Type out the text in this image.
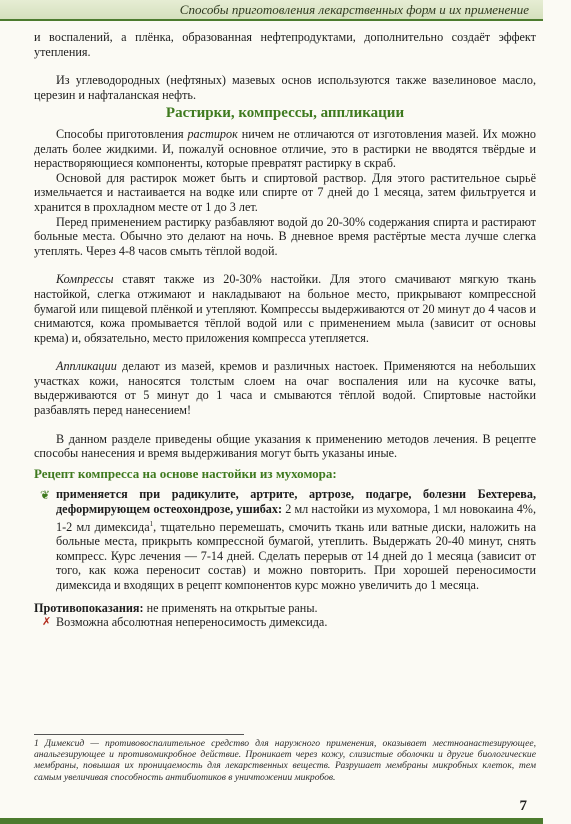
Способы приготовления лекарственных форм и их применение

и воспалений, а плёнка, образованная нефтепродуктами, дополнительно создаёт эффект утепления.

Из углеводородных (нефтяных) мазевых основ используются также вазелиновое масло, церезин и нафталанская нефть.

Растирки, компрессы, аппликации

Способы приготовления растирок ничем не отличаются от изготовления мазей. Их можно делать более жидкими. И, пожалуй основное отличие, это в растирки не вводятся твёрдые и нерастворяющиеся компоненты, которые превратят растирку в скраб.

Основой для растирок может быть и спиртовой раствор. Для этого растительное сырьё измельчается и настаивается на водке или спирте от 7 дней до 1 месяца, затем фильтруется и хранится в прохладном месте от 1 до 3 лет.

Перед применением растирку разбавляют водой до 20-30% содержания спирта и растирают больные места. Обычно это делают на ночь. В дневное время растёртые места лучше слегка утеплять. Через 4-8 часов смыть тёплой водой.

Компрессы ставят также из 20-30% настойки. Для этого смачивают мягкую ткань настойкой, слегка отжимают и накладывают на больное место, прикрывают компрессной бумагой или пищевой плёнкой и утепляют. Компрессы выдерживаются от 20 минут до 4 часов и снимаются, кожа промывается тёплой водой или с применением мыла (зависит от основы крема) и, обязательно, место приложения компресса утепляется.

Аппликации делают из мазей, кремов и различных настоек. Применяются на небольших участках кожи, наносятся толстым слоем на очаг воспаления или на кусочке ваты, выдерживаются от 5 минут до 1 часа и смываются тёплой водой. Спиртовые настойки разбавлять перед нанесением!

В данном разделе приведены общие указания к применению методов лечения. В рецепте способы нанесения и время выдерживания могут быть указаны иные.

Рецепт компресса на основе настойки из мухомора:
❦ применяется при радикулите, артрите, артрозе, подагре, болезни Бехтерева, деформирующем остеохондрозе, ушибах: 2 мл настойки из мухомора, 1 мл новокаина 4%, 1-2 мл димексида$^1$, тщательно перемешать, смочить ткань или ватные диски, наложить на больные места, прикрыть компрессной бумагой, утеплить. Выдержать 20-40 минут, снять компресс. Курс лечения — 7-14 дней. Сделать перерыв от 14 дней до 1 месяца (зависит от того, как кожа переносит состав) и можно повторить. При хорошей переносимости димексида и входящих в рецепт компонентов курс можно увеличить до 1 месяца.

Противопоказания: не применять на открытые раны.

✗ Возможна абсолютная непереносимость димексида.
1 Димексид — противовоспалительное средство для наружного применения, оказывает местноанастезирующее, анальгезирующее и противомикробное действие. Проникает через кожу, слизистые оболочки и другие биологические мембраны, повышая их проницаемость для лекарственных веществ. Разрушает мембраны микробных клеток, тем самым увеличивая способность антибиотиков в уничтожении микробов.
7
